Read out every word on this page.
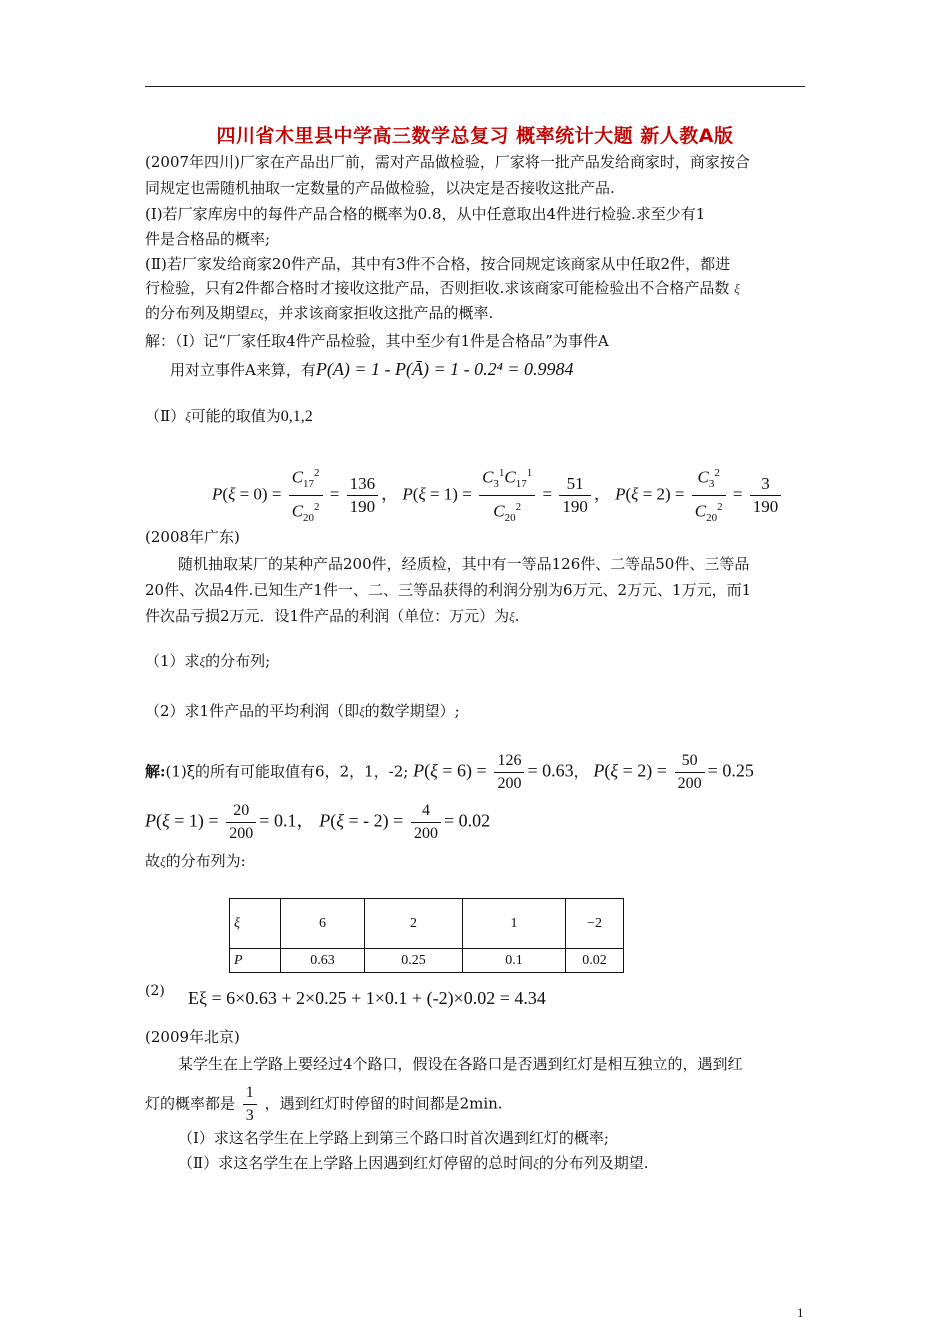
四川省木里县中学高三数学总复习 概率统计大题 新人教A版
(2007年四川)厂家在产品出厂前，需对产品做检验，厂家将一批产品发给商家时，商家按合
同规定也需随机抽取一定数量的产品做检验，以决定是否接收这批产品.
(Ⅰ)若厂家库房中的每件产品合格的概率为0.8，从中任意取出4件进行检验.求至少有1
件是合格品的概率;
(Ⅱ)若厂家发给商家20件产品，其中有3件不合格，按合同规定该商家从中任取2件，都进
行检验，只有2件都合格时才接收这批产品，否则拒收.求该商家可能检验出不合格产品数 ξ
的分布列及期望Eξ，并求该商家拒收这批产品的概率.
解：（Ⅰ）记“厂家任取4件产品检验，其中至少有1件是合格品”为事件A
用对立事件A来算，有P(A) = 1 - P(Ā) = 1 - 0.2⁴ = 0.9984
（Ⅱ）ξ可能的取值为0,1,2
$P(\xi = 0) = \frac{C_{17}^2}{C_{20}^2} = \frac{136}{190}$ ， $P(\xi = 1) = \frac{C_3^1C_{17}^1}{C_{20}^2} = \frac{51}{190}$ ， $P(\xi = 2) = \frac{C_3^2}{C_{20}^2} = \frac{3}{190}$
(2008年广东)
随机抽取某厂的某种产品200件，经质检，其中有一等品126件、二等品50件、三等品
20件、次品4件.已知生产1件一、二、三等品获得的利润分别为6万元、2万元、1万元，而1
件次品亏损2万元．设1件产品的利润（单位：万元）为ξ.
（1）求ξ的分布列;
（2）求1件产品的平均利润（即ξ的数学期望）;
解:(1)ξ的所有可能取值有6，2，1，-2; $P(\xi = 6) = \frac{126}{200} = 0.63$， $P(\xi = 2) = \frac{50}{200} = 0.25$
$P(\xi = 1) = \frac{20}{200} = 0.1$， P(ξ = - $2) = \frac{4}{200} = 0.02$
故ξ的分布列为:
ξ	6	2	1	−2
P	0.63	0.25	0.1	0.02
(2) Eξ = 6×0.63 + 2×0.25 + 1×0.1 + (-2)×0.02 = 4.34
(2009年北京)
某学生在上学路上要经过4个路口，假设在各路口是否遇到红灯是相互独立的，遇到红
灯的概率都是 $\frac{1}{3}$ ，遇到红灯时停留的时间都是2min.
（Ⅰ）求这名学生在上学路上到第三个路口时首次遇到红灯的概率;
（Ⅱ）求这名学生在上学路上因遇到红灯停留的总时间ξ的分布列及期望.
1
